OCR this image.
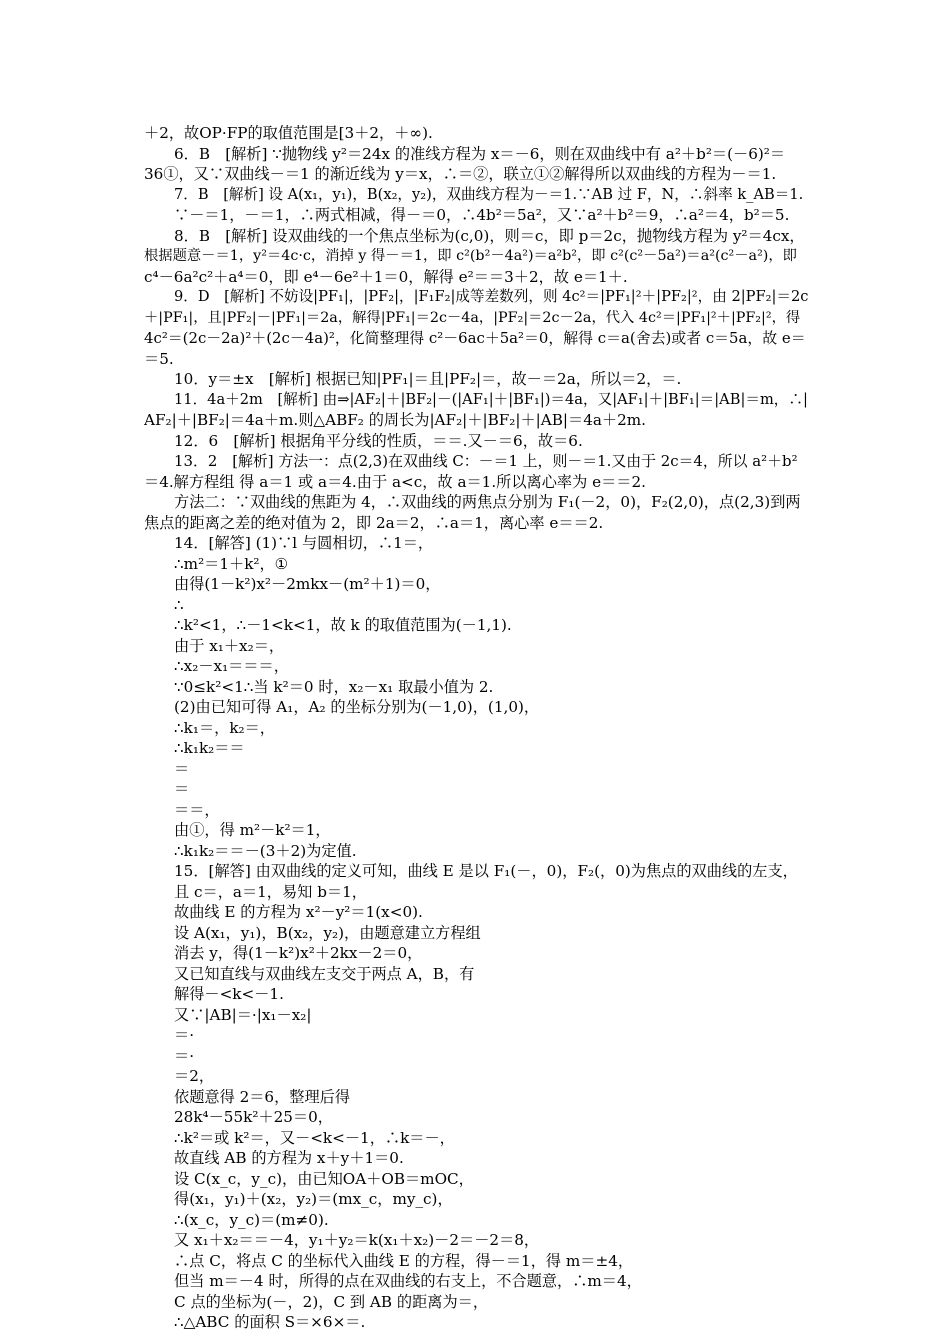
＋2，故OP·FP的取值范围是[3＋2，＋∞).
6．B　[解析] ∵抛物线 y²＝24x 的准线方程为 x＝－6，则在双曲线中有 a²＋b²＝(－6)²＝
36①，又∵双曲线－＝1 的渐近线为 y＝x，∴＝②，联立①②解得所以双曲线的方程为－＝1.
7．B　[解析] 设 A(x₁，y₁)，B(x₂，y₂)，双曲线方程为－＝1.∵AB 过 F，N，∴斜率 k_AB＝1.
∵－＝1，－＝1，∴两式相减，得－＝0，∴4b²＝5a²，又∵a²＋b²＝9，∴a²＝4，b²＝5.
8．B　[解析] 设双曲线的一个焦点坐标为(c,0)，则＝c，即 p＝2c，抛物线方程为 y²＝4cx，
根据题意－＝1，y²＝4c·c，消掉 y 得－＝1，即 c²(b²－4a²)＝a²b²，即 c²(c²－5a²)＝a²(c²－a²)，即
c⁴－6a²c²＋a⁴＝0，即 e⁴－6e²＋1＝0，解得 e²＝＝3＋2，故 e＝1＋.
9．D　[解析] 不妨设|PF₁|，|PF₂|，|F₁F₂|成等差数列，则 4c²＝|PF₁|²＋|PF₂|²，由 2|PF₂|＝2c
＋|PF₁|，且|PF₂|－|PF₁|＝2a，解得|PF₁|＝2c－4a，|PF₂|＝2c－2a，代入 4c²＝|PF₁|²＋|PF₂|²，得
4c²＝(2c－2a)²＋(2c－4a)²，化简整理得 c²－6ac＋5a²＝0，解得 c＝a(舍去)或者 c＝5a，故 e＝
＝5.
10．y＝±x　[解析] 根据已知|PF₁|＝且|PF₂|＝，故－＝2a，所以＝2，＝.
11．4a＋2m　[解析] 由⇒|AF₂|＋|BF₂|－(|AF₁|＋|BF₁|)＝4a，又|AF₁|＋|BF₁|＝|AB|＝m，∴|
AF₂|＋|BF₂|＝4a＋m.则△ABF₂ 的周长为|AF₂|＋|BF₂|＋|AB|＝4a＋2m.
12．6　[解析] 根据角平分线的性质，＝＝.又－＝6，故＝6.
13．2　[解析] 方法一：点(2,3)在双曲线 C：－＝1 上，则－＝1.又由于 2c＝4，所以 a²＋b²
＝4.解方程组 得 a＝1 或 a＝4.由于 a<c，故 a＝1.所以离心率为 e＝＝2.
方法二：∵双曲线的焦距为 4，∴双曲线的两焦点分别为 F₁(－2，0)，F₂(2,0)，点(2,3)到两
焦点的距离之差的绝对值为 2，即 2a＝2，∴a＝1，离心率 e＝＝2.
14．[解答] (1)∵l 与圆相切，∴1＝，
∴m²＝1＋k²，①
由得(1－k²)x²－2mkx－(m²＋1)＝0，
∴
∴k²<1，∴－1<k<1，故 k 的取值范围为(－1,1).
由于 x₁＋x₂＝，
∴x₂－x₁＝＝＝，
∵0≤k²<1∴当 k²＝0 时，x₂－x₁ 取最小值为 2.
(2)由已知可得 A₁，A₂ 的坐标分别为(－1,0)，(1,0)，
∴k₁＝，k₂＝，
∴k₁k₂＝＝
＝
＝
＝＝，
由①，得 m²－k²＝1，
∴k₁k₂＝＝－(3＋2)为定值.
15．[解答] 由双曲线的定义可知，曲线 E 是以 F₁(－，0)，F₂(，0)为焦点的双曲线的左支，
且 c＝，a＝1，易知 b＝1，
故曲线 E 的方程为 x²－y²＝1(x<0).
设 A(x₁，y₁)，B(x₂，y₂)，由题意建立方程组
消去 y，得(1－k²)x²＋2kx－2＝0，
又已知直线与双曲线左支交于两点 A，B，有
解得－<k<－1.
又∵|AB|＝·|x₁－x₂|
＝·
＝·
＝2，
依题意得 2＝6，整理后得
28k⁴－55k²＋25＝0，
∴k²＝或 k²＝，又－<k<－1，∴k＝－，
故直线 AB 的方程为 x＋y＋1＝0.
设 C(x_c，y_c)，由已知OA＋OB＝mOC，
得(x₁，y₁)＋(x₂，y₂)＝(mx_c，my_c)，
∴(x_c，y_c)＝(m≠0).
又 x₁＋x₂＝＝－4，y₁＋y₂＝k(x₁＋x₂)－2＝－2＝8，
∴点 C，将点 C 的坐标代入曲线 E 的方程，得－＝1，得 m＝±4，
但当 m＝－4 时，所得的点在双曲线的右支上，不合题意，∴m＝4，
C 点的坐标为(－，2)，C 到 AB 的距离为＝，
∴△ABC 的面积 S＝×6×＝.
